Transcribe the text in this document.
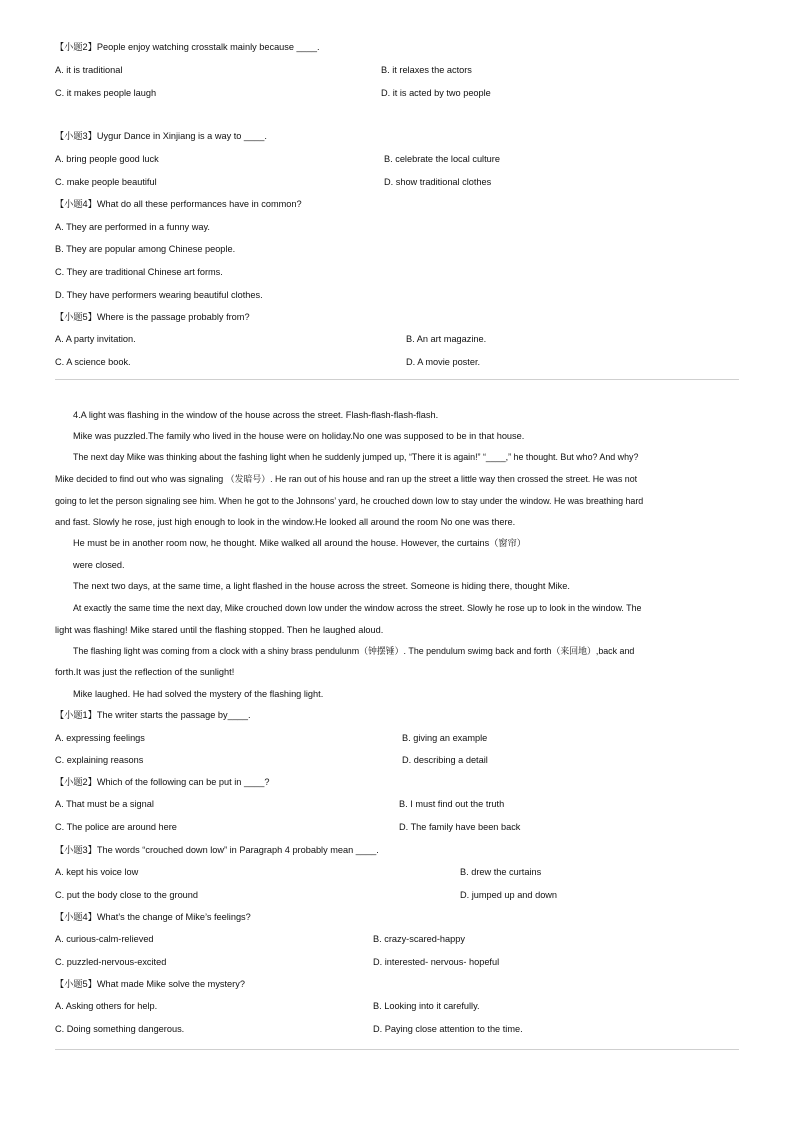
【小题2】People enjoy watching crosstalk mainly because ____.
A. it is traditional	B. it relaxes the actors
C. it makes people laugh	D. it is acted by two people
【小题3】Uygur Dance in Xinjiang is a way to ____.
A. bring people good luck	B. celebrate the local culture
C. make people beautiful	D. show traditional clothes
【小题4】What do all these performances have in common?
A. They are performed in a funny way.
B. They are popular among Chinese people.
C. They are traditional Chinese art forms.
D. They have performers wearing beautiful clothes.
【小题5】Where is the passage probably from?
A. A party invitation.	B. An art magazine.
C. A science book.	D. A movie poster.
4.A light was flashing in the window of the house across the street. Flash-flash-flash-flash.
Mike was puzzled.The family who lived in the house were on holiday.No one was supposed to be in that house.
The next day Mike was thinking about the fashing light when he suddenly jumped up, “There it is again!” “____,” he thought. But who? And why?
Mike decided to find out who was signaling （发暗号）. He ran out of his house and ran up the street a little way then crossed the street. He was not
going to let the person signaling see him. When he got to the Johnsons’ yard, he crouched down low to stay under the window. He was breathing hard
and fast. Slowly he rose, just high enough to look in the window.He looked all around the room No one was there.
He must be in another room now, he thought. Mike walked all around the house. However, the curtains（窗帘）
were closed.
The next two days, at the same time, a light flashed in the house across the street. Someone is hiding there, thought Mike.
At exactly the same time the next day, Mike crouched down low under the window across the street. Slowly he rose up to look in the window. The
light was flashing! Mike stared until the flashing stopped. Then he laughed aloud.
The flashing light was coming from a clock with a shiny brass pendulunm（钟摆锤）. The pendulum swimg back and forth（来回地）,back and
forth.It was just the reflection of the sunlight!
Mike laughed. He had solved the mystery of the flashing light.
【小题1】The writer starts the passage by____.
A. expressing feelings	B. giving an example
C. explaining reasons	D. describing a detail
【小题2】Which of the following can be put in ____?
A. That must be a signal	B. I must find out the truth
C. The police are around here	D. The family have been back
【小题3】The words “crouched down low” in Paragraph 4 probably mean ____.
A. kept his voice low	B. drew the curtains
C. put the body close to the ground	D. jumped up and down
【小题4】What’s the change of Mike’s feelings?
A. curious-calm-relieved	B. crazy-scared-happy
C. puzzled-nervous-excited	D. interested- nervous- hopeful
【小题5】What made Mike solve the mystery?
A. Asking others for help.	B. Looking into it carefully.
C. Doing something dangerous.	D. Paying close attention to the time.
